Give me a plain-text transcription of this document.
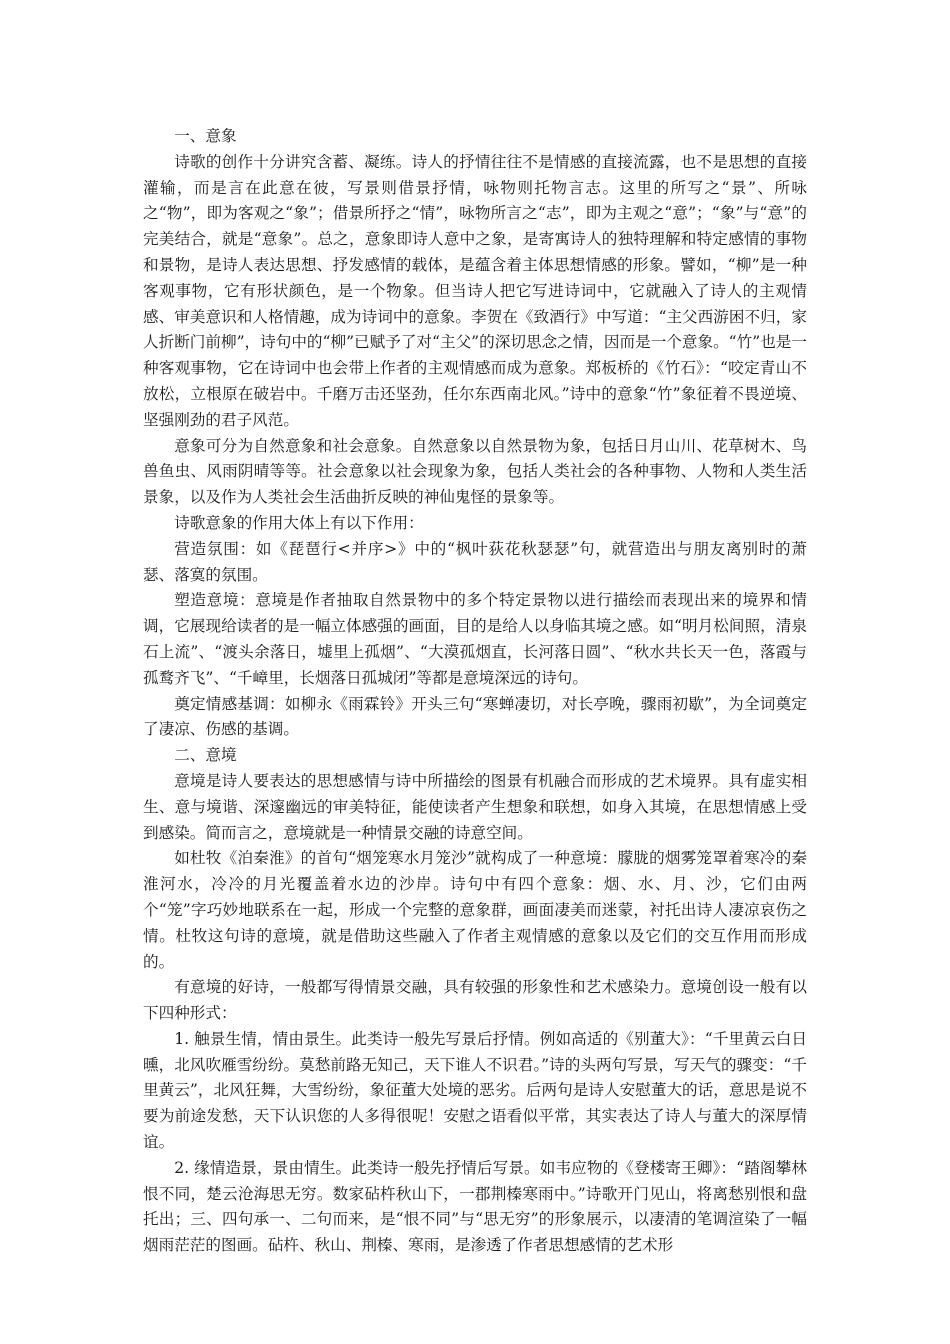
一、意象

诗歌的创作十分讲究含蓄、凝练。诗人的抒情往往不是情感的直接流露，也不是思想的直接灌输，而是言在此意在彼，写景则借景抒情，咏物则托物言志。这里的所写之“景”、所咏之“物”，即为客观之“象”；借景所抒之“情”，咏物所言之“志”，即为主观之“意”；“象”与“意”的完美结合，就是“意象”。总之，意象即诗人意中之象，是寄寓诗人的独特理解和特定感情的事物和景物，是诗人表达思想、抒发感情的载体，是蕴含着主体思想情感的形象。譬如，“柳”是一种客观事物，它有形状颜色，是一个物象。但当诗人把它写进诗词中，它就融入了诗人的主观情感、审美意识和人格情趣，成为诗词中的意象。李贺在《致酒行》中写道：“主父西游困不归，家人折断门前柳”，诗句中的“柳”已赋予了对“主父”的深切思念之情，因而是一个意象。“竹”也是一种客观事物，它在诗词中也会带上作者的主观情感而成为意象。郑板桥的《竹石》：“咬定青山不放松，立根原在破岩中。千磨万击还坚劲，任尔东西南北风。”诗中的意象“竹”象征着不畏逆境、坚强刚劲的君子风范。

意象可分为自然意象和社会意象。自然意象以自然景物为象，包括日月山川、花草树木、鸟兽鱼虫、风雨阴晴等等。社会意象以社会现象为象，包括人类社会的各种事物、人物和人类生活景象，以及作为人类社会生活曲折反映的神仙鬼怪的景象等。

诗歌意象的作用大体上有以下作用：

营造氛围：如《琵琶行<并序>》中的“枫叶荻花秋瑟瑟”句，就营造出与朋友离别时的萧瑟、落寞的氛围。

塑造意境：意境是作者抽取自然景物中的多个特定景物以进行描绘而表现出来的境界和情调，它展现给读者的是一幅立体感强的画面，目的是给人以身临其境之感。如“明月松间照，清泉石上流”、“渡头余落日，墟里上孤烟”、“大漠孤烟直，长河落日圆”、“秋水共长天一色，落霞与孤鹜齐飞”、“千嶂里，长烟落日孤城闭”等都是意境深远的诗句。

奠定情感基调：如柳永《雨霖铃》开头三句“寒蝉凄切，对长亭晚，骤雨初歇”，为全词奠定了凄凉、伤感的基调。

二、意境

意境是诗人要表达的思想感情与诗中所描绘的图景有机融合而形成的艺术境界。具有虚实相生、意与境谐、深邃幽远的审美特征，能使读者产生想象和联想，如身入其境，在思想情感上受到感染。简而言之，意境就是一种情景交融的诗意空间。

如杜牧《泊秦淮》的首句“烟笼寒水月笼沙”就构成了一种意境：朦胧的烟雾笼罩着寒冷的秦淮河水，冷冷的月光覆盖着水边的沙岸。诗句中有四个意象：烟、水、月、沙，它们由两个“笼”字巧妙地联系在一起，形成一个完整的意象群，画面凄美而迷蒙，衬托出诗人凄凉哀伤之情。杜牧这句诗的意境，就是借助这些融入了作者主观情感的意象以及它们的交互作用而形成的。

有意境的好诗，一般都写得情景交融，具有较强的形象性和艺术感染力。意境创设一般有以下四种形式：

1. 触景生情，情由景生。此类诗一般先写景后抒情。例如高适的《别董大》：“千里黄云白日曛，北风吹雁雪纷纷。莫愁前路无知己，天下谁人不识君。”诗的头两句写景，写天气的骤变：“千里黄云”，北风狂舞，大雪纷纷，象征董大处境的恶劣。后两句是诗人安慰董大的话，意思是说不要为前途发愁，天下认识您的人多得很呢！安慰之语看似平常，其实表达了诗人与董大的深厚情谊。

2. 缘情造景，景由情生。此类诗一般先抒情后写景。如韦应物的《登楼寄王卿》：“踏阁攀林恨不同，楚云沧海思无穷。数家砧杵秋山下，一郡荆榛寒雨中。”诗歌开门见山，将离愁别恨和盘托出；三、四句承一、二句而来，是“恨不同”与“思无穷”的形象展示，以凄清的笔调渲染了一幅烟雨茫茫的图画。砧杵、秋山、荆榛、寒雨，是渗透了作者思想感情的艺术形
